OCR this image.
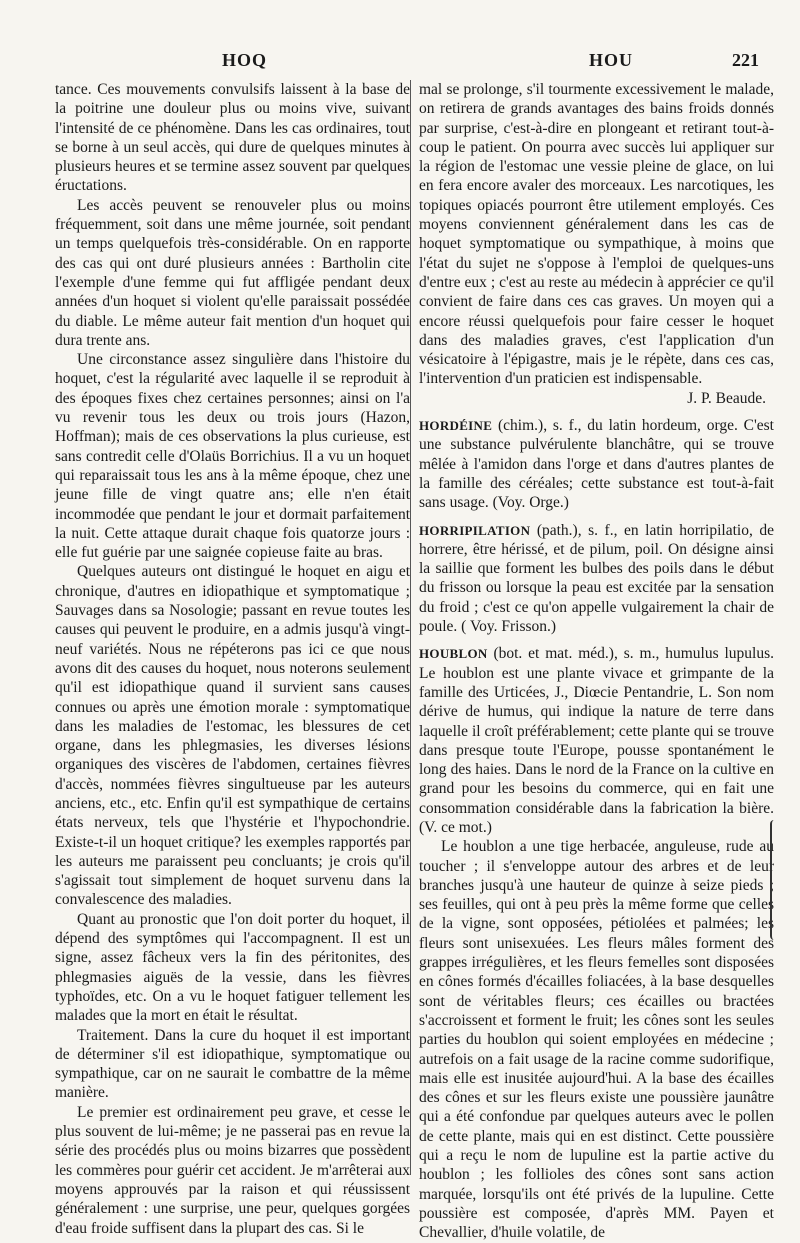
HOQ	HOU	221

tance. Ces mouvements convulsifs laissent à la base de la poitrine une douleur plus ou moins vive, suivant l'intensité de ce phénomène. Dans les cas ordinaires, tout se borne à un seul accès, qui dure de quelques minutes à plusieurs heures et se termine assez souvent par quelques éructations.

Les accès peuvent se renouveler plus ou moins fréquemment, soit dans une même journée, soit pendant un temps quelquefois très-considérable. On en rapporte des cas qui ont duré plusieurs années : Bartholin cite l'exemple d'une femme qui fut affligée pendant deux années d'un hoquet si violent qu'elle paraissait possédée du diable. Le même auteur fait mention d'un hoquet qui dura trente ans.

Une circonstance assez singulière dans l'histoire du hoquet, c'est la régularité avec laquelle il se reproduit à des époques fixes chez certaines personnes; ainsi on l'a vu revenir tous les deux ou trois jours (Hazon, Hoffman); mais de ces observations la plus curieuse, est sans contredit celle d'Olaüs Borrichius. Il a vu un hoquet qui reparaissait tous les ans à la même époque, chez une jeune fille de vingt quatre ans; elle n'en était incommodée que pendant le jour et dormait parfaitement la nuit. Cette attaque durait chaque fois quatorze jours : elle fut guérie par une saignée copieuse faite au bras.

Quelques auteurs ont distingué le hoquet en aigu et chronique, d'autres en idiopathique et symptomatique ; Sauvages dans sa Nosologie; passant en revue toutes les causes qui peuvent le produire, en a admis jusqu'à vingt-neuf variétés. Nous ne répéterons pas ici ce que nous avons dit des causes du hoquet, nous noterons seulement qu'il est idiopathique quand il survient sans causes connues ou après une émotion morale : symptomatique dans les maladies de l'estomac, les blessures de cet organe, dans les phlegmasies, les diverses lésions organiques des viscères de l'abdomen, certaines fièvres d'accès, nommées fièvres singultueuse par les auteurs anciens, etc., etc. Enfin qu'il est sympathique de certains états nerveux, tels que l'hystérie et l'hypochondrie. Existe-t-il un hoquet critique? les exemples rapportés par les auteurs me paraissent peu concluants; je crois qu'il s'agissait tout simplement de hoquet survenu dans la convalescence des maladies.

Quant au pronostic que l'on doit porter du hoquet, il dépend des symptômes qui l'accompagnent. Il est un signe, assez fâcheux vers la fin des péritonites, des phlegmasies aiguës de la vessie, dans les fièvres typhoïdes, etc. On a vu le hoquet fatiguer tellement les malades que la mort en était le résultat.

Traitement. Dans la cure du hoquet il est important de déterminer s'il est idiopathique, symptomatique ou sympathique, car on ne saurait le combattre de la même manière.

Le premier est ordinairement peu grave, et cesse le plus souvent de lui-même; je ne passerai pas en revue la série des procédés plus ou moins bizarres que possèdent les commères pour guérir cet accident. Je m'arrêterai aux moyens approuvés par la raison et qui réussissent généralement : une surprise, une peur, quelques gorgées d'eau froide suffisent dans la plupart des cas. Si le

mal se prolonge, s'il tourmente excessivement le malade, on retirera de grands avantages des bains froids donnés par surprise, c'est-à-dire en plongeant et retirant tout-à-coup le patient. On pourra avec succès lui appliquer sur la région de l'estomac une vessie pleine de glace, on lui en fera encore avaler des morceaux. Les narcotiques, les topiques opiacés pourront être utilement employés. Ces moyens conviennent généralement dans les cas de hoquet symptomatique ou sympathique, à moins que l'état du sujet ne s'oppose à l'emploi de quelques-uns d'entre eux ; c'est au reste au médecin à apprécier ce qu'il convient de faire dans ces cas graves. Un moyen qui a encore réussi quelquefois pour faire cesser le hoquet dans des maladies graves, c'est l'application d'un vésicatoire à l'épigastre, mais je le répète, dans ces cas, l'intervention d'un praticien est indispensable.

J. P. Beaude.

HORDÉINE (chim.), s. f., du latin hordeum, orge. C'est une substance pulvérulente blanchâtre, qui se trouve mêlée à l'amidon dans l'orge et dans d'autres plantes de la famille des céréales; cette substance est tout-à-fait sans usage. (Voy. Orge.)

HORRIPILATION (path.), s. f., en latin horripilatio, de horrere, être hérissé, et de pilum, poil. On désigne ainsi la saillie que forment les bulbes des poils dans le début du frisson ou lorsque la peau est excitée par la sensation du froid ; c'est ce qu'on appelle vulgairement la chair de poule. ( Voy. Frisson.)

HOUBLON (bot. et mat. méd.), s. m., humulus lupulus. Le houblon est une plante vivace et grimpante de la famille des Urticées, J., Diœcie Pentandrie, L. Son nom dérive de humus, qui indique la nature de terre dans laquelle il croît préférablement; cette plante qui se trouve dans presque toute l'Europe, pousse spontanément le long des haies. Dans le nord de la France on la cultive en grand pour les besoins du commerce, qui en fait une consommation considérable dans la fabrication la bière. (V. ce mot.)

Le houblon a une tige herbacée, anguleuse, rude au toucher ; il s'enveloppe autour des arbres et de leur branches jusqu'à une hauteur de quinze à seize pieds ; ses feuilles, qui ont à peu près la même forme que celles de la vigne, sont opposées, pétiolées et palmées; les fleurs sont unisexuées. Les fleurs mâles forment des grappes irrégulières, et les fleurs femelles sont disposées en cônes formés d'écailles foliacées, à la base desquelles sont de véritables fleurs; ces écailles ou bractées s'accroissent et forment le fruit; les cônes sont les seules parties du houblon qui soient employées en médecine ; autrefois on a fait usage de la racine comme sudorifique, mais elle est inusitée aujourd'hui. A la base des écailles des cônes et sur les fleurs existe une poussière jaunâtre qui a été confondue par quelques auteurs avec le pollen de cette plante, mais qui en est distinct. Cette poussière qui a reçu le nom de lupuline est la partie active du houblon ; les follioles des cônes sont sans action marquée, lorsqu'ils ont été privés de la lupuline. Cette poussière est composée, d'après MM. Payen et Chevallier, d'huile volatile, de
